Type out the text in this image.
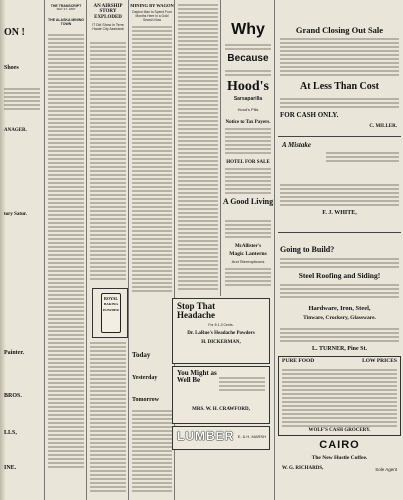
ON !
Shoes
ANAGER.
tory Satur.
Painter.
BROS.
LLS,
INE.
THE TRANSCRIPT
MAY 27, 1897
THE ALASKA MINING TOWN
AN AIRSHIP STORY EXPLODED
IT Did Show In Terre Haute City Assistant
ROYAL
BAKING
POWDER
MINING BY WAGON
Dayton Man to Spend Four Months Here in a Gold Search Now
Today
Yesterday
Tomorrow
Stop That
Headache
For 8 1-3 Cents.
Dr. LaRue's Headache Powders
H. DICKERMAN,
You Might as Well Be
MRS. W. H. CRAWFORD,
LUMBER E. & H. MARSH
Why
Because
Hood's
Sarsaparilla
Hood's Pills
Notice to Tax Payers.
HOTEL FOR SALE
A Good Living
McAllister's
Magic Lanterns
And Stereopticons
Grand Closing Out Sale
At Less Than Cost
FOR CASH ONLY.
C. MILLER.
A Mistake
F. J. WHITE,
Going to Build?
Steel Roofing and Siding!
Hardware, Iron, Steel,
Tinware, Crockery, Glassware.
L. TURNER, Pine St.
PURE FOOD	LOW PRICES
WOLF'S CASH GROCERY.
CAIRO
The New Hustle Coffee.
W. G. RICHARDS,	Sole Agent
